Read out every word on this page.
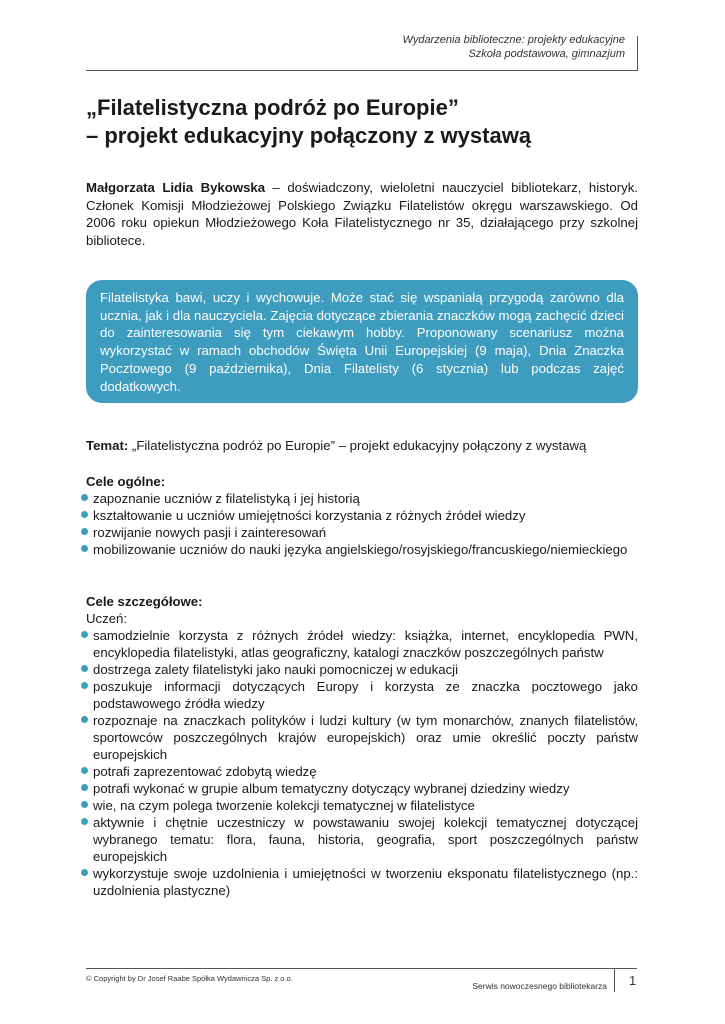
Wydarzenia biblioteczne: projekty edukacyjne
Szkoła podstawowa, gimnazjum
„Filatelistyczna podróż po Europie”
– projekt edukacyjny połączony z wystawą
Małgorzata Lidia Bykowska – doświadczony, wieloletni nauczyciel bibliotekarz, historyk. Członek Komisji Młodzieżowej Polskiego Związku Filatelistów okręgu warszawskiego. Od 2006 roku opiekun Młodzieżowego Koła Filatelistycznego nr 35, działającego przy szkolnej bibliotece.
Filatelistyka bawi, uczy i wychowuje. Może stać się wspaniałą przygodą zarówno dla ucznia, jak i dla nauczyciela. Zajęcia dotyczące zbierania znaczków mogą zachęcić dzieci do zainteresowania się tym ciekawym hobby. Proponowany scenariusz można wykorzystać w ramach obchodów Święta Unii Europejskiej (9 maja), Dnia Znaczka Pocztowego (9 października), Dnia Filatelisty (6 stycznia) lub podczas zajęć dodatkowych.
Temat: „Filatelistyczna podróż po Europie” – projekt edukacyjny połączony z wystawą
Cele ogólne:
zapoznanie uczniów z filatelistyką i jej historią
kształtowanie u uczniów umiejętności korzystania z różnych źródeł wiedzy
rozwijanie nowych pasji i zainteresowań
mobilizowanie uczniów do nauki języka angielskiego/rosyjskiego/francuskiego/niemieckiego
Cele szczegółowe:

Uczeń:

samodzielnie korzysta z różnych źródeł wiedzy: książka, internet, encyklopedia PWN, encyklopedia filatelistyki, atlas geograficzny, katalogi znaczków poszczególnych państw
dostrzega zalety filatelistyki jako nauki pomocniczej w edukacji
poszukuje informacji dotyczących Europy i korzysta ze znaczka pocztowego jako podstawowego źródła wiedzy
rozpoznaje na znaczkach polityków i ludzi kultury (w tym monarchów, znanych filatelistów, sportowców poszczególnych krajów europejskich) oraz umie określić poczty państw europejskich
potrafi zaprezentować zdobytą wiedzę
potrafi wykonać w grupie album tematyczny dotyczący wybranej dziedziny wiedzy
wie, na czym polega tworzenie kolekcji tematycznej w filatelistyce
aktywnie i chętnie uczestniczy w powstawaniu swojej kolekcji tematycznej dotyczącej wybranego tematu: flora, fauna, historia, geografia, sport poszczególnych państw europejskich
wykorzystuje swoje uzdolnienia i umiejętności w tworzeniu eksponatu filatelistycznego (np.: uzdolnienia plastyczne)
© Copyright by Dr Josef Raabe Spółka Wydawnicza Sp. z o.o.
Serwis nowoczesnego bibliotekarza 1
